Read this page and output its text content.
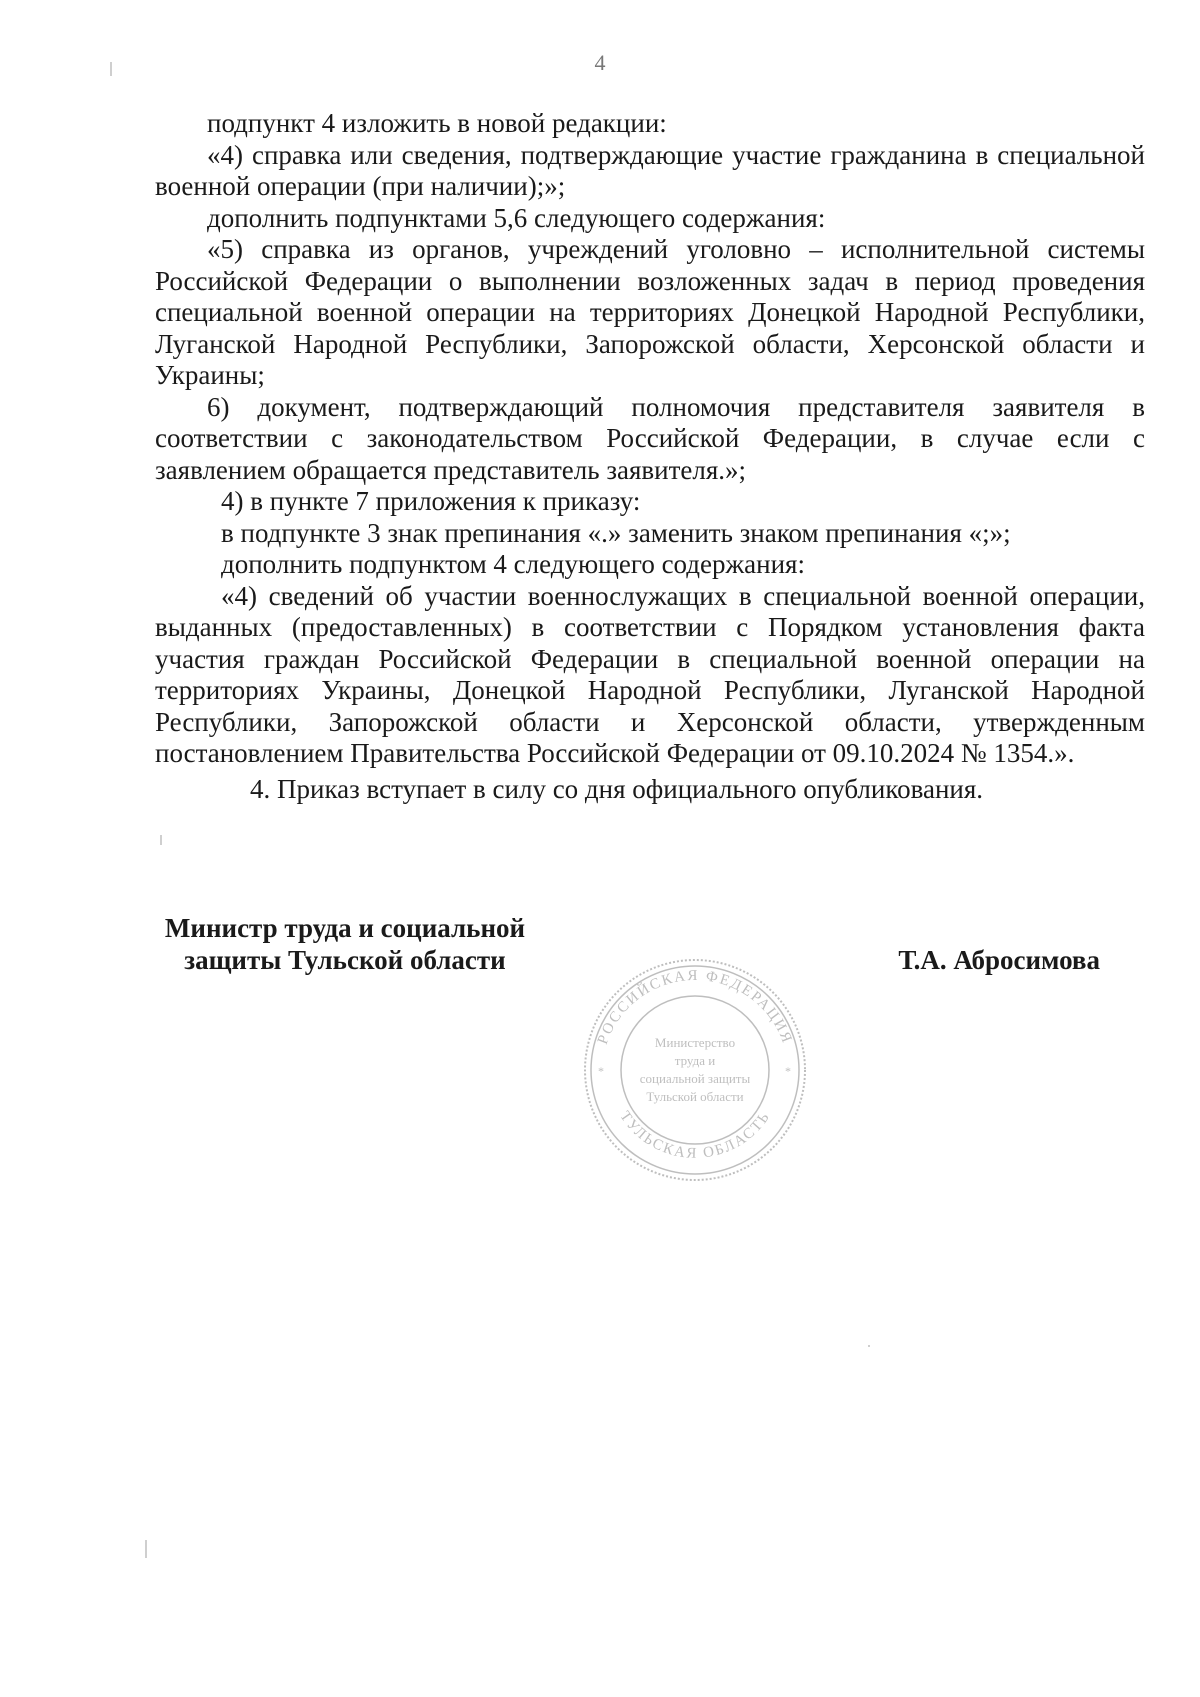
4

подпункт 4 изложить в новой редакции:

«4) справка или сведения, подтверждающие участие гражданина в специальной военной операции (при наличии);»;

дополнить подпунктами 5,6 следующего содержания:

«5) справка из органов, учреждений уголовно – исполнительной системы Российской Федерации о выполнении возложенных задач в период проведения специальной военной операции на территориях Донецкой Народной Республики, Луганской Народной Республики, Запорожской области, Херсонской области и Украины;

6) документ, подтверждающий полномочия представителя заявителя в соответствии с законодательством Российской Федерации, в случае если с заявлением обращается представитель заявителя.»;

4) в пункте 7 приложения к приказу:

в подпункте 3 знак препинания «.» заменить знаком препинания «;»;

дополнить подпунктом 4 следующего содержания:

«4) сведений об участии военнослужащих в специальной военной операции, выданных (предоставленных) в соответствии с Порядком установления факта участия граждан Российской Федерации в специальной военной операции на территориях Украины, Донецкой Народной Республики, Луганской Народной Республики, Запорожской области и Херсонской области, утвержденным постановлением Правительства Российской Федерации от 09.10.2024 № 1354.».

4. Приказ вступает в силу со дня официального опубликования.

Министр труда и социальной
защиты Тульской области	Т.А. Абросимова
РОССИЙСКАЯ ФЕДЕРАЦИЯ
ТУЛЬСКАЯ ОБЛАСТЬ
Министерство
труда и
социальной защиты
Тульской области
*	*
